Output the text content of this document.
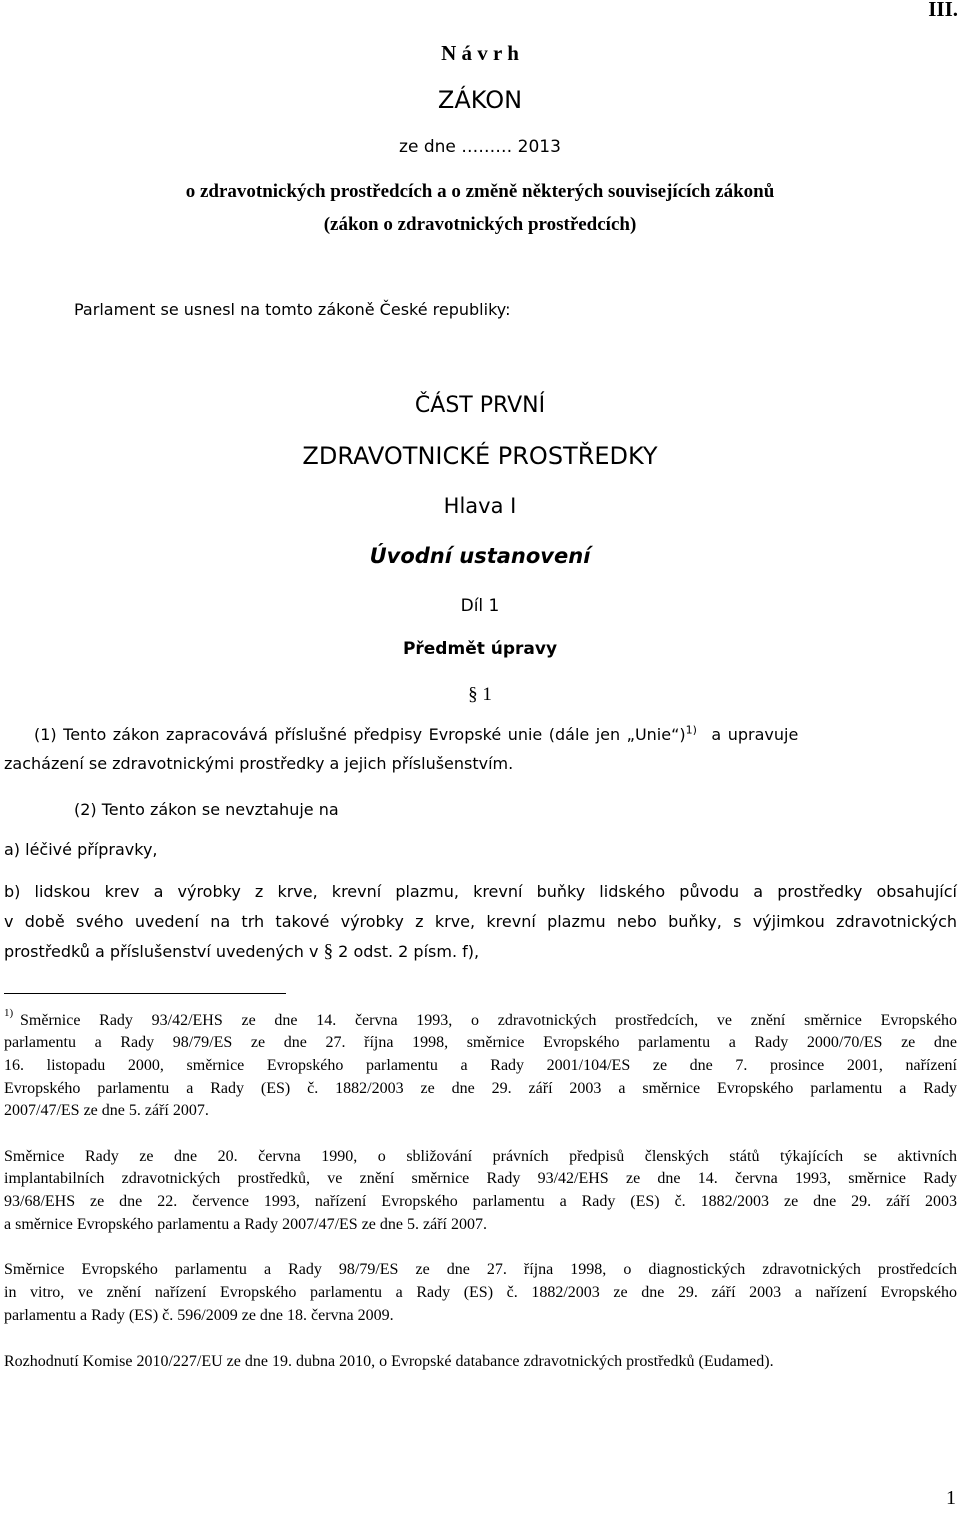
III.
N á v r h
ZÁKON
ze dne ……… 2013
o zdravotnických prostředcích a o změně některých souvisejících zákonů
(zákon o zdravotnických prostředcích)
Parlament se usnesl na tomto zákoně České republiky:
ČÁST PRVNÍ
ZDRAVOTNICKÉ PROSTŘEDKY
Hlava I
Úvodní ustanovení
Díl 1
Předmět úpravy
§ 1
(1) Tento zákon zapracovává příslušné předpisy Evropské unie (dále jen „Unie“)$^{1)}$ a upravuje
zacházení se zdravotnickými prostředky a jejich příslušenstvím.
(2) Tento zákon se nevztahuje na
a) léčivé přípravky,
b) lidskou krev a výrobky z krve, krevní plazmu, krevní buňky lidského původu a prostředky obsahující
v době svého uvedení na trh takové výrobky z krve, krevní plazmu nebo buňky, s výjimkou zdravotnických
prostředků a příslušenství uvedených v § 2 odst. 2 písm. f),
1) Směrnice Rady 93/42/EHS ze dne 14. června 1993, o zdravotnických prostředcích, ve znění směrnice Evropského
parlamentu a Rady 98/79/ES ze dne 27. října 1998, směrnice Evropského parlamentu a Rady 2000/70/ES ze dne
16. listopadu 2000, směrnice Evropského parlamentu a Rady 2001/104/ES ze dne 7. prosince 2001, nařízení
Evropského parlamentu a Rady (ES) č. 1882/2003 ze dne 29. září 2003 a směrnice Evropského parlamentu a Rady
2007/47/ES ze dne 5. září 2007.
Směrnice Rady ze dne 20. června 1990, o sbližování právních předpisů členských států týkajících se aktivních
implantabilních zdravotnických prostředků, ve znění směrnice Rady 93/42/EHS ze dne 14. června 1993, směrnice Rady
93/68/EHS ze dne 22. července 1993, nařízení Evropského parlamentu a Rady (ES) č. 1882/2003 ze dne 29. září 2003
a směrnice Evropského parlamentu a Rady 2007/47/ES ze dne 5. září 2007.
Směrnice Evropského parlamentu a Rady 98/79/ES ze dne 27. října 1998, o diagnostických zdravotnických prostředcích
in vitro, ve znění nařízení Evropského parlamentu a Rady (ES) č. 1882/2003 ze dne 29. září 2003 a nařízení Evropského
parlamentu a Rady (ES) č. 596/2009 ze dne 18. června 2009.
Rozhodnutí Komise 2010/227/EU ze dne 19. dubna 2010, o Evropské databance zdravotnických prostředků (Eudamed).
1
